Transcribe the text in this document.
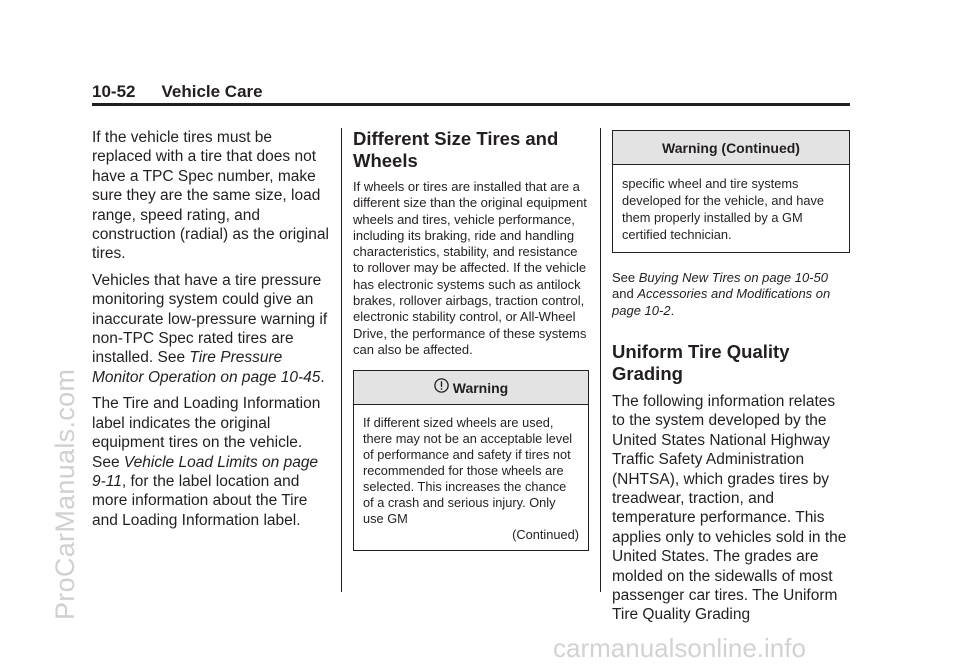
ProCarManuals.com
carmanualsonline.info
10-52 Vehicle Care

If the vehicle tires must be replaced with a tire that does not have a TPC Spec number, make sure they are the same size, load range, speed rating, and construction (radial) as the original tires.

Vehicles that have a tire pressure monitoring system could give an inaccurate low-pressure warning if non-TPC Spec rated tires are installed. See Tire Pressure Monitor Operation on page 10-45.

The Tire and Loading Information label indicates the original equipment tires on the vehicle. See Vehicle Load Limits on page 9-11, for the label location and more information about the Tire and Loading Information label.

Different Size Tires and Wheels

If wheels or tires are installed that are a different size than the original equipment wheels and tires, vehicle performance, including its braking, ride and handling characteristics, stability, and resistance to rollover may be affected. If the vehicle has electronic systems such as antilock brakes, rollover airbags, traction control, electronic stability control, or All-Wheel Drive, the performance of these systems can also be affected.

Warning

If different sized wheels are used, there may not be an acceptable level of performance and safety if tires not recommended for those wheels are selected. This increases the chance of a crash and serious injury. Only use GM

(Continued)
Warning (Continued)

specific wheel and tire systems developed for the vehicle, and have them properly installed by a GM certified technician.

See Buying New Tires on page 10-50 and Accessories and Modifications on page 10-2.

Uniform Tire Quality Grading

The following information relates to the system developed by the United States National Highway Traffic Safety Administration (NHTSA), which grades tires by treadwear, traction, and temperature performance. This applies only to vehicles sold in the United States. The grades are molded on the sidewalls of most passenger car tires. The Uniform Tire Quality Grading
